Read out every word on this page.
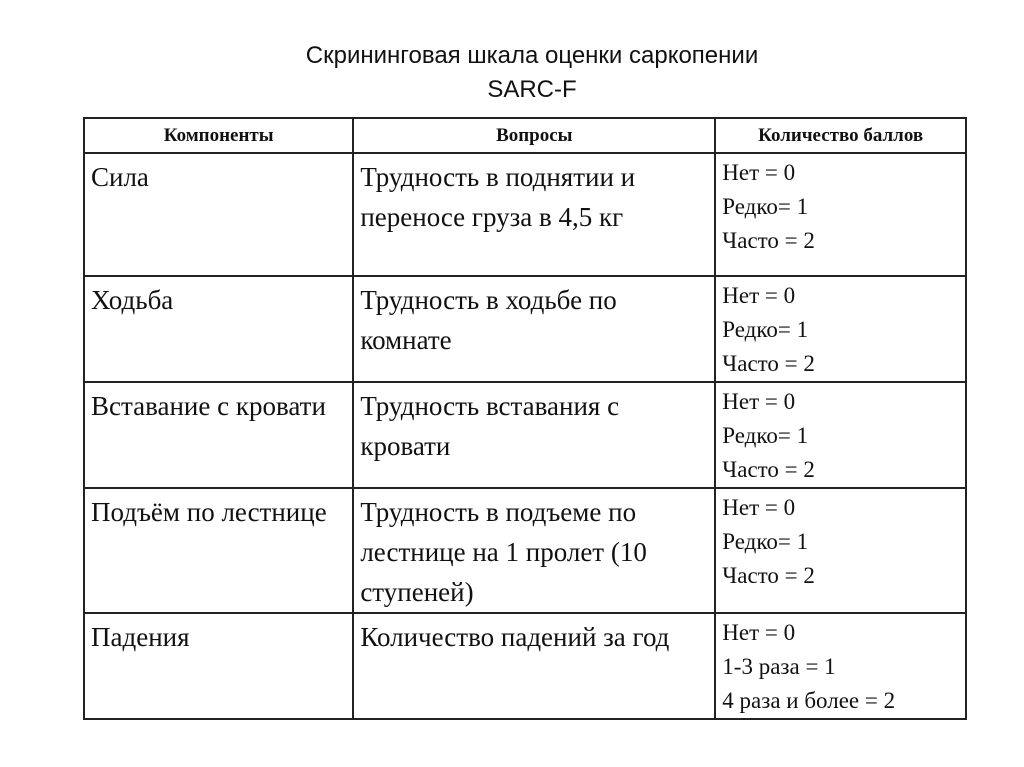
Скрининговая шкала оценки саркопении
SARC-F
Компоненты	Вопросы	Количество баллов
Сила	Трудность в поднятии и переносе груза в 4,5 кг	Нет = 0
Редко= 1
Часто = 2

Ходьба	Трудность в ходьбе по комнате	Нет = 0
Редко= 1
Часто = 2

Вставание с кровати	Трудность вставания с кровати	Нет = 0
Редко= 1
Часто = 2

Подъём по лестнице	Трудность в подъеме по лестнице на 1 пролет (10 ступеней)	Нет = 0
Редко= 1
Часто = 2

Падения	Количество падений за год	Нет = 0
1-3 раза = 1
4 раза и более = 2
